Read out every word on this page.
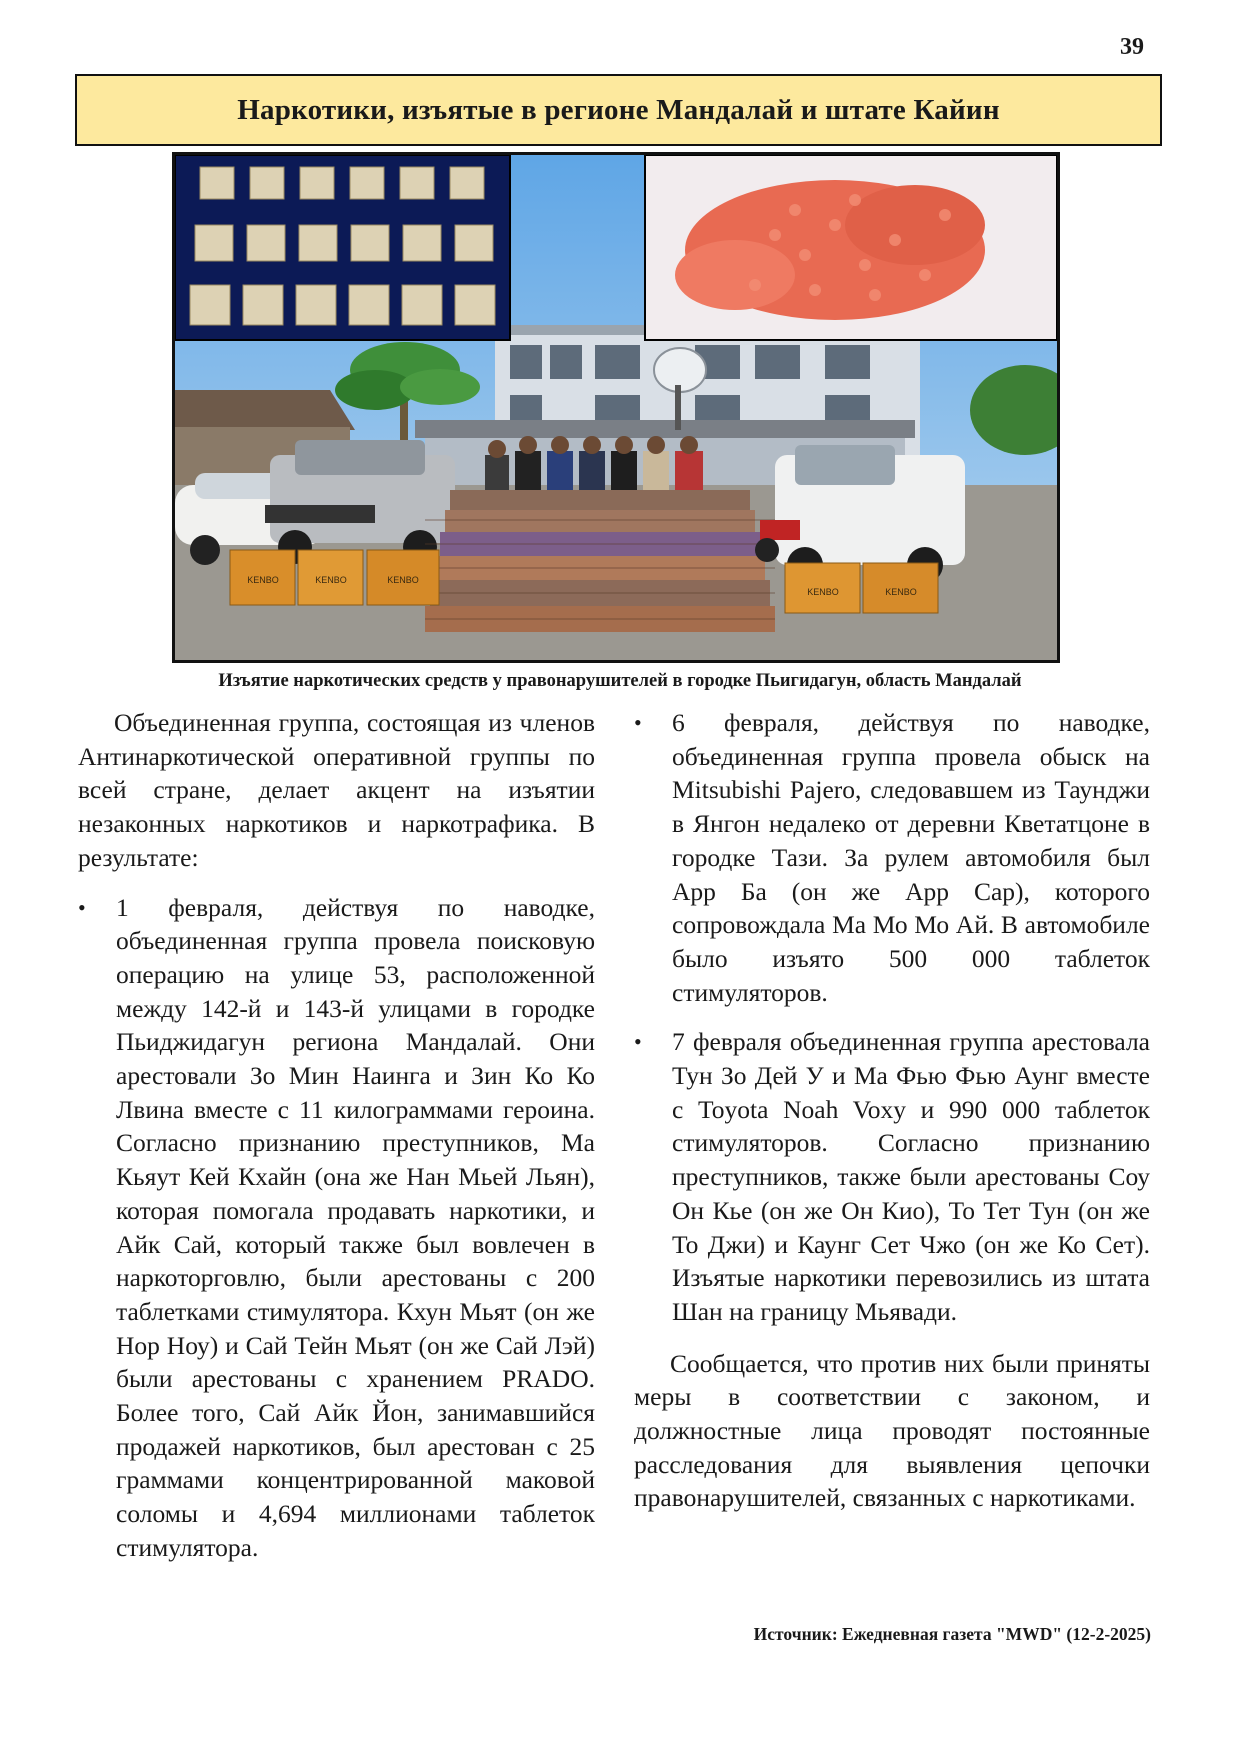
39
Наркотики, изъятые в регионе Мандалай и штате Кайин
KENBO	KENBO	KENBO
KENBO	KENBO
Изъятие наркотических средств у правонарушителей в городке Пьигидагун, область Мандалай

Объединенная группа, состоящая из членов Антинаркотической оперативной группы по всей стране, делает акцент на изъятии незаконных наркотиков и наркотрафика. В результате:

•	1 февраля, действуя по наводке, объединенная группа провела поисковую операцию на улице 53, расположенной между 142-й и 143-й улицами в городке Пьиджидагун региона Мандалай. Они арестовали Зо Мин Наинга и Зин Ко Ко Лвина вместе с 11 килограммами героина. Согласно признанию преступников, Ма Кьяут Кей Кхайн (она же Нан Мьей Льян), которая помогала продавать наркотики, и Айк Сай, который также был вовлечен в наркоторговлю, были арестованы с 200 таблетками стимулятора. Кхун Мьят (он же Нор Ноу) и Сай Тейн Мьят (он же Сай Лэй) были арестованы с хранением PRADO. Более того, Сай Айк Йон, занимавшийся продажей наркотиков, был арестован с 25 граммами концентрированной маковой соломы и 4,694 миллионами таблеток стимулятора.
•	6 февраля, действуя по наводке, объединенная группа провела обыск на Mitsubishi Pajero, следовавшем из Таунджи в Янгон недалеко от деревни Кветатцоне в городке Тази. За рулем автомобиля был Арр Ба (он же Арр Сар), которого сопровождала Ма Мо Мо Ай. В автомобиле было изъято 500 000 таблеток стимуляторов.
•	7 февраля объединенная группа арестовала Тун Зо Дей У и Ма Фью Фью Аунг вместе с Toyota Noah Voxy и 990 000 таблеток стимуляторов. Согласно признанию преступников, также были арестованы Соу Он Кье (он же Он Кио), То Тет Тун (он же То Джи) и Каунг Сет Чжо (он же Ко Сет). Изъятые наркотики перевозились из штата Шан на границу Мьявади.

Сообщается, что против них были приняты меры в соответствии с законом, и должностные лица проводят постоянные расследования для выявления цепочки правонарушителей, связанных с наркотиками.

Источник: Ежедневная газета "MWD" (12-2-2025)
